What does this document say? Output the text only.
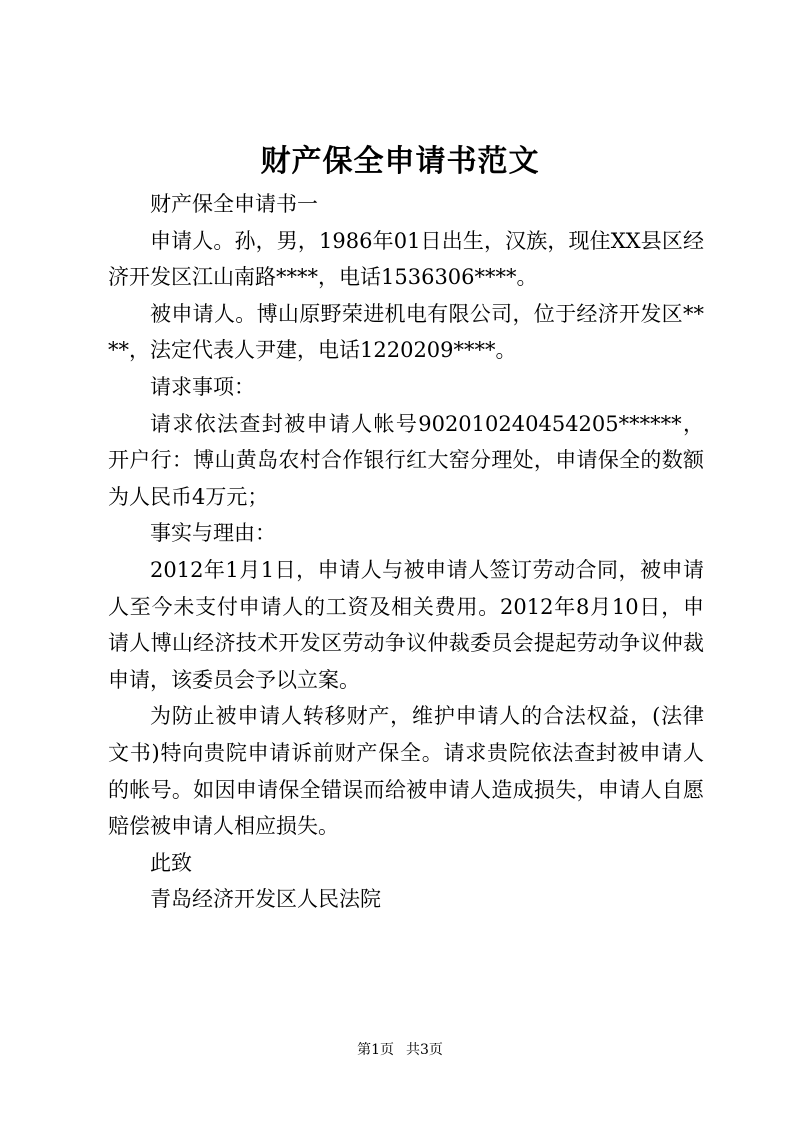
财产保全申请书范文

财产保全申请书一

申请人。孙，男，1986年01日出生，汉族，现住XX县区经济开发区江山南路****，电话1536306****。

被申请人。博山原野荣进机电有限公司，位于经济开发区****，法定代表人尹建，电话1220209****。

请求事项：

请求依法查封被申请人帐号902010240454205******，开户行：博山黄岛农村合作银行红大窑分理处，申请保全的数额为人民币4万元；

事实与理由：

2012年1月1日，申请人与被申请人签订劳动合同，被申请人至今未支付申请人的工资及相关费用。2012年8月10日，申请人博山经济技术开发区劳动争议仲裁委员会提起劳动争议仲裁申请，该委员会予以立案。

为防止被申请人转移财产，维护申请人的合法权益，(法律文书)特向贵院申请诉前财产保全。请求贵院依法查封被申请人的帐号。如因申请保全错误而给被申请人造成损失，申请人自愿赔偿被申请人相应损失。

此致

青岛经济开发区人民法院

第1页 共3页
